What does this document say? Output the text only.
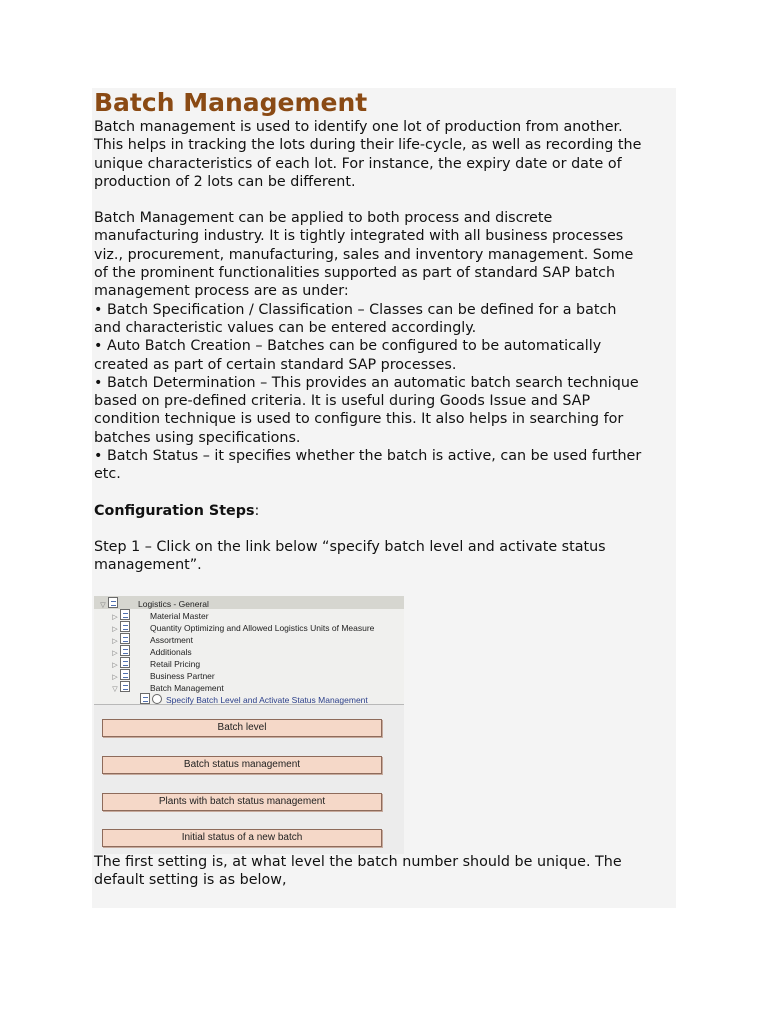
Batch Management

Batch management is used to identify one lot of production from another.

This helps in tracking the lots during their life-cycle, as well as recording the

unique characteristics of each lot. For instance, the expiry date or date of

production of 2 lots can be different.

Batch Management can be applied to both process and discrete

manufacturing industry. It is tightly integrated with all business processes

viz., procurement, manufacturing, sales and inventory management. Some

of the prominent functionalities supported as part of standard SAP batch

management process are as under:

• Batch Specification / Classification – Classes can be defined for a batch

and characteristic values can be entered accordingly.

• Auto Batch Creation – Batches can be configured to be automatically

created as part of certain standard SAP processes.

• Batch Determination – This provides an automatic batch search technique

based on pre-defined criteria. It is useful during Goods Issue and SAP

condition technique is used to configure this. It also helps in searching for

batches using specifications.

• Batch Status – it specifies whether the batch is active, can be used further

etc.

Configuration Steps:

Step 1 – Click on the link below “specify batch level and activate status

management”.

▽	Logistics - General
▷	Material Master
▷	Quantity Optimizing and Allowed Logistics Units of Measure
▷	Assortment
▷	Additionals
▷	Retail Pricing
▷	Business Partner
▽	Batch Management
Specify Batch Level and Activate Status Management
Batch level
Batch status management
Plants with batch status management
Initial status of a new batch

The first setting is, at what level the batch number should be unique. The

default setting is as below,
